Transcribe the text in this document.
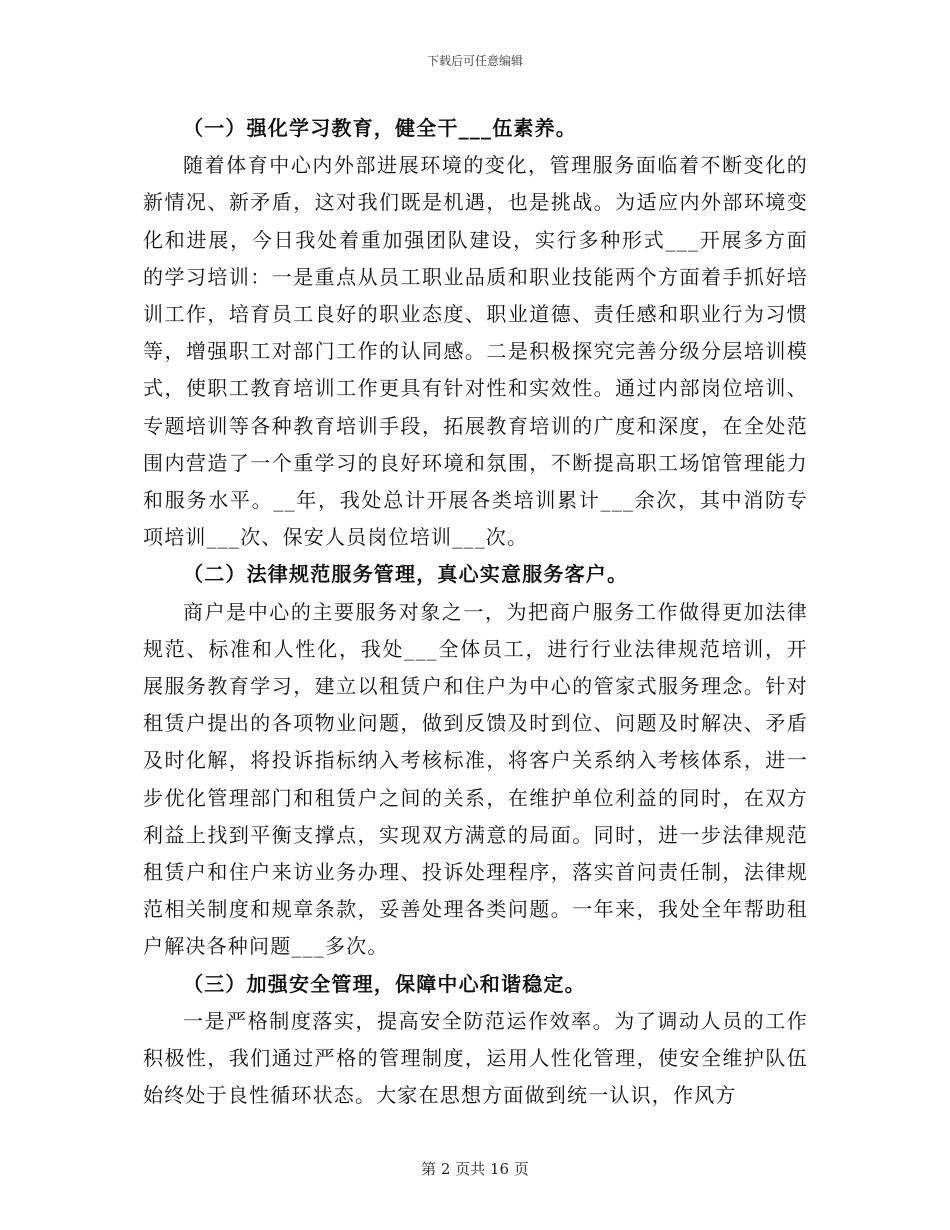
下载后可任意编辑

（一）强化学习教育，健全干___伍素养。

随着体育中心内外部进展环境的变化，管理服务面临着不断变化的新情况、新矛盾，这对我们既是机遇，也是挑战。为适应内外部环境变化和进展，今日我处着重加强团队建设，实行多种形式___开展多方面的学习培训：一是重点从员工职业品质和职业技能两个方面着手抓好培训工作，培育员工良好的职业态度、职业道德、责任感和职业行为习惯等，增强职工对部门工作的认同感。二是积极探究完善分级分层培训模式，使职工教育培训工作更具有针对性和实效性。通过内部岗位培训、专题培训等各种教育培训手段，拓展教育培训的广度和深度，在全处范围内营造了一个重学习的良好环境和氛围，不断提高职工场馆管理能力和服务水平。__年，我处总计开展各类培训累计___余次，其中消防专项培训___次、保安人员岗位培训___次。

（二）法律规范服务管理，真心实意服务客户。

商户是中心的主要服务对象之一，为把商户服务工作做得更加法律规范、标准和人性化，我处___全体员工，进行行业法律规范培训，开展服务教育学习，建立以租赁户和住户为中心的管家式服务理念。针对租赁户提出的各项物业问题，做到反馈及时到位、问题及时解决、矛盾及时化解，将投诉指标纳入考核标准，将客户关系纳入考核体系，进一步优化管理部门和租赁户之间的关系，在维护单位利益的同时，在双方利益上找到平衡支撑点，实现双方满意的局面。同时，进一步法律规范租赁户和住户来访业务办理、投诉处理程序，落实首问责任制，法律规范相关制度和规章条款，妥善处理各类问题。一年来，我处全年帮助租户解决各种问题___多次。

（三）加强安全管理，保障中心和谐稳定。

一是严格制度落实，提高安全防范运作效率。为了调动人员的工作积极性，我们通过严格的管理制度，运用人性化管理，使安全维护队伍始终处于良性循环状态。大家在思想方面做到统一认识，作风方

第 2 页共 16 页
